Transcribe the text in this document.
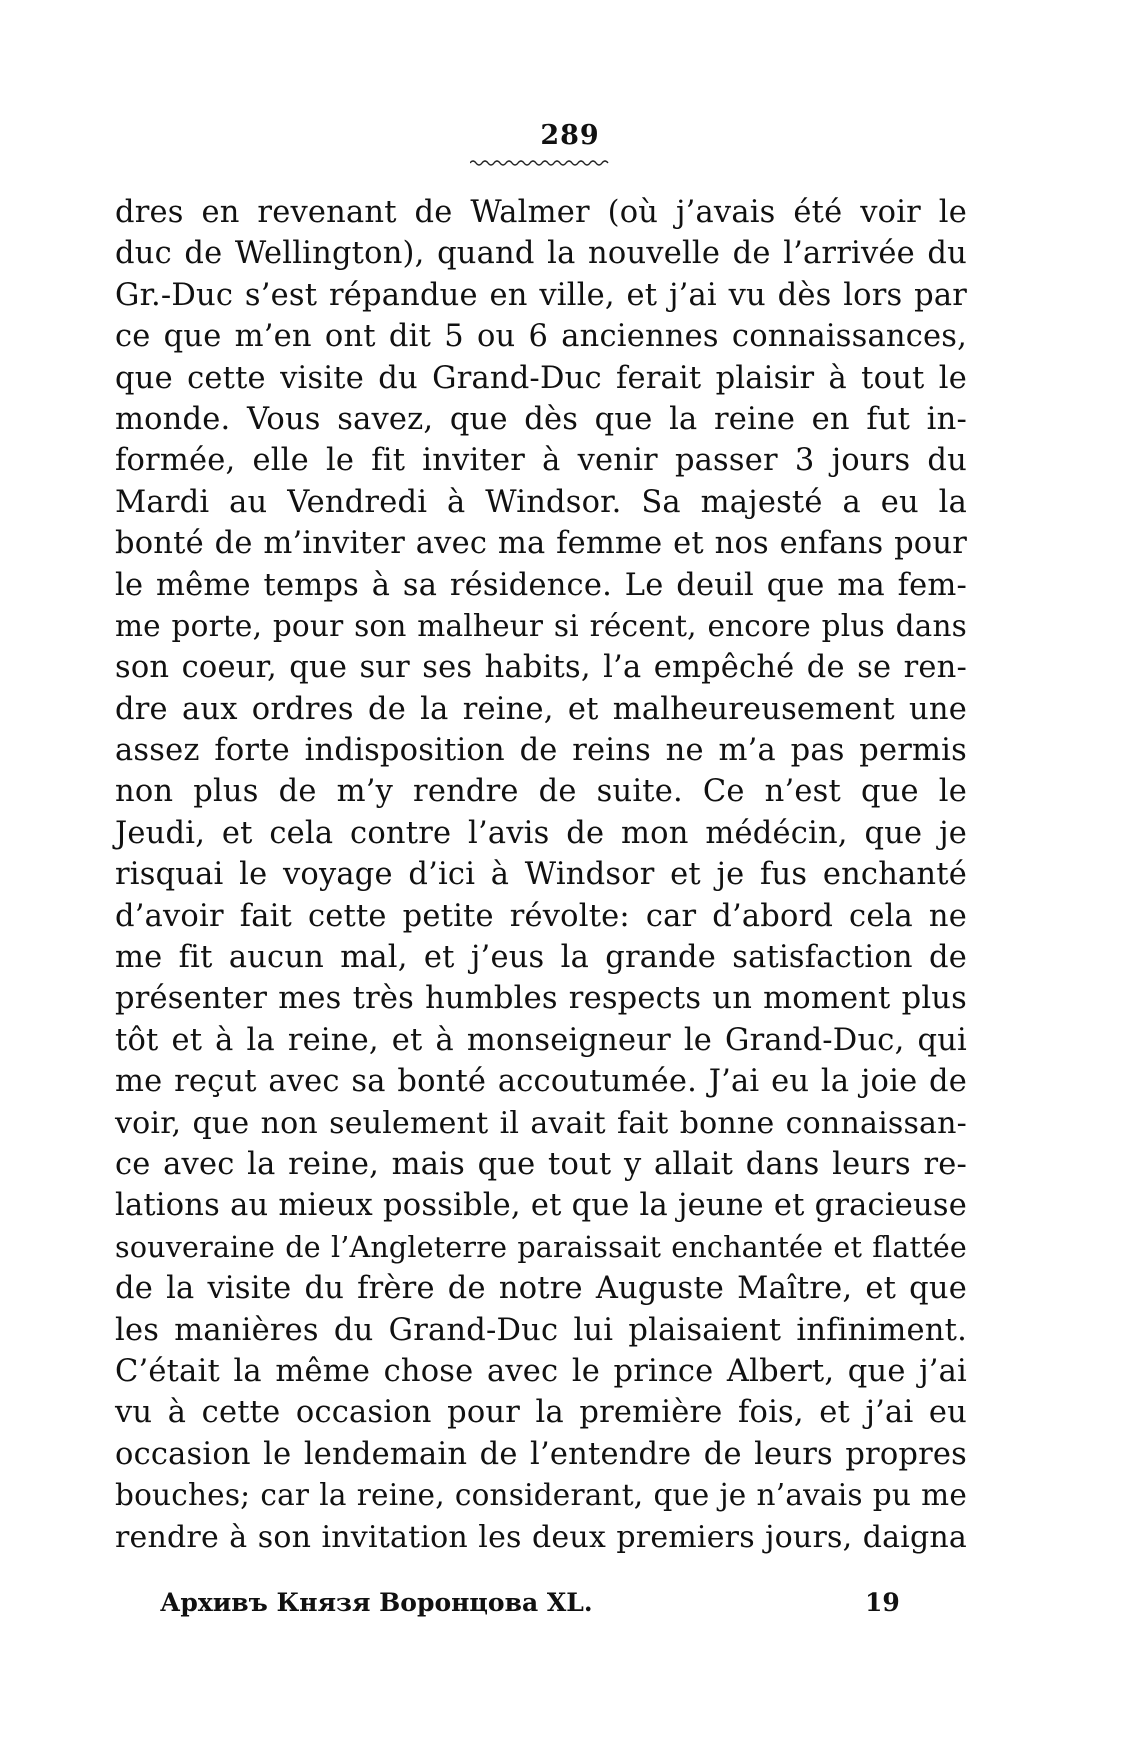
289
dres en revenant de Walmer (où j’avais été voir le
duc de Wellington), quand la nouvelle de l’arrivée du
Gr.-Duc s’est répandue en ville, et j’ai vu dès lors par
ce que m’en ont dit 5 ou 6 anciennes connaissances,
que cette visite du Grand-Duc ferait plaisir à tout le
monde. Vous savez, que dès que la reine en fut in-
formée, elle le fit inviter à venir passer 3 jours du
Mardi au Vendredi à Windsor. Sa majesté a eu la
bonté de m’inviter avec ma femme et nos enfans pour
le même temps à sa résidence. Le deuil que ma fem-
me porte, pour son malheur si récent, encore plus dans
son coeur, que sur ses habits, l’a empêché de se ren-
dre aux ordres de la reine, et malheureusement une
assez forte indisposition de reins ne m’a pas permis
non plus de m’y rendre de suite. Ce n’est que le
Jeudi, et cela contre l’avis de mon médécin, que je
risquai le voyage d’ici à Windsor et je fus enchanté
d’avoir fait cette petite révolte: car d’abord cela ne
me fit aucun mal, et j’eus la grande satisfaction de
présenter mes très humbles respects un moment plus
tôt et à la reine, et à monseigneur le Grand-Duc, qui
me reçut avec sa bonté accoutumée. J’ai eu la joie de
voir, que non seulement il avait fait bonne connaissan-
ce avec la reine, mais que tout y allait dans leurs re-
lations au mieux possible, et que la jeune et gracieuse
souveraine de l’Angleterre paraissait enchantée et flattée
de la visite du frère de notre Auguste Maître, et que
les manières du Grand-Duc lui plaisaient infiniment.
C’était la même chose avec le prince Albert, que j’ai
vu à cette occasion pour la première fois, et j’ai eu
occasion le lendemain de l’entendre de leurs propres
bouches; car la reine, considerant, que je n’avais pu me
rendre à son invitation les deux premiers jours, daigna
Архивъ Князя Воронцова XL.	19
